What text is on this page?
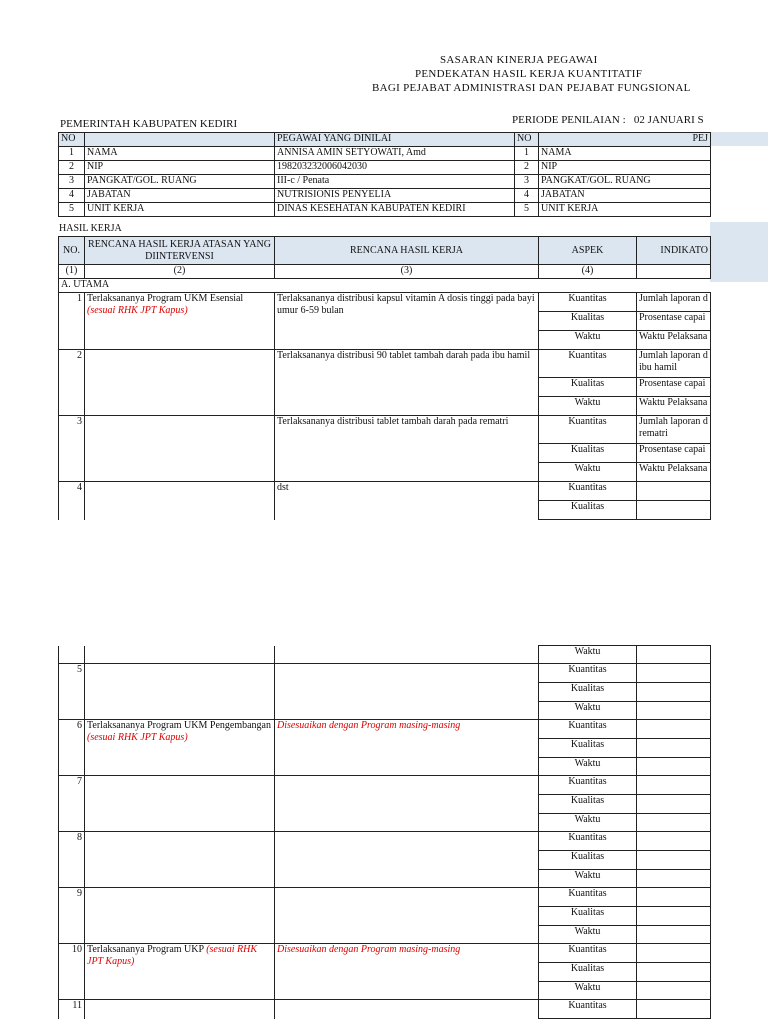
SASARAN KINERJA PEGAWAI
PENDEKATAN HASIL KERJA KUANTITATIF
BAGI PEJABAT ADMINISTRASI DAN PEJABAT FUNGSIONAL
PEMERINTAH KABUPATEN KEDIRI	PERIODE PENILAIAN : 02 JANUARI S
NO		PEGAWAI YANG DINILAI	NO	PEJ
1	NAMA	ANNISA AMIN SETYOWATI, Amd	1	NAMA
2	NIP	198203232006042030	2	NIP
3	PANGKAT/GOL. RUANG	III-c / Penata	3	PANGKAT/GOL. RUANG
4	JABATAN	NUTRISIONIS PENYELIA	4	JABATAN
5	UNIT KERJA	DINAS KESEHATAN KABUPATEN KEDIRI	5	UNIT KERJA
HASIL KERJA
NO.	RENCANA HASIL KERJA ATASAN YANG DIINTERVENSI	RENCANA HASIL KERJA	ASPEK	INDIKATO
(1)	(2)	(3)	(4)	
A. UTAMA				
1	Terlaksananya Program UKM Esensial
(sesuai RHK JPT Kapus)	Terlaksananya distribusi kapsul vitamin A dosis tinggi pada bayi umur 6-59 bulan	Kuantitas	Jumlah laporan d
			Kualitas	Prosentase capai
			Waktu	Waktu Pelaksana
2		Terlaksananya distribusi 90 tablet tambah darah pada ibu hamil	Kuantitas	Jumlah laporan d ibu hamil
			Kualitas	Prosentase capai
			Waktu	Waktu Pelaksana
3		Terlaksananya distribusi tablet tambah darah pada rematri	Kuantitas	Jumlah laporan d rematri
			Kualitas	Prosentase capai
			Waktu	Waktu Pelaksana
4		dst	Kuantitas	
			Kualitas	
			Waktu	
5			Kuantitas	
			Kualitas	
			Waktu	
6	Terlaksananya Program UKM Pengembangan (sesuai RHK JPT Kapus)	Disesuaikan dengan Program masing-masing	Kuantitas	
			Kualitas	
			Waktu	
7			Kuantitas	
			Kualitas	
			Waktu	
8			Kuantitas	
			Kualitas	
			Waktu	
9			Kuantitas	
			Kualitas	
			Waktu	
10	Terlaksananya Program UKP (sesuai RHK JPT Kapus)	Disesuaikan dengan Program masing-masing	Kuantitas	
			Kualitas	
			Waktu	
11			Kuantitas	
